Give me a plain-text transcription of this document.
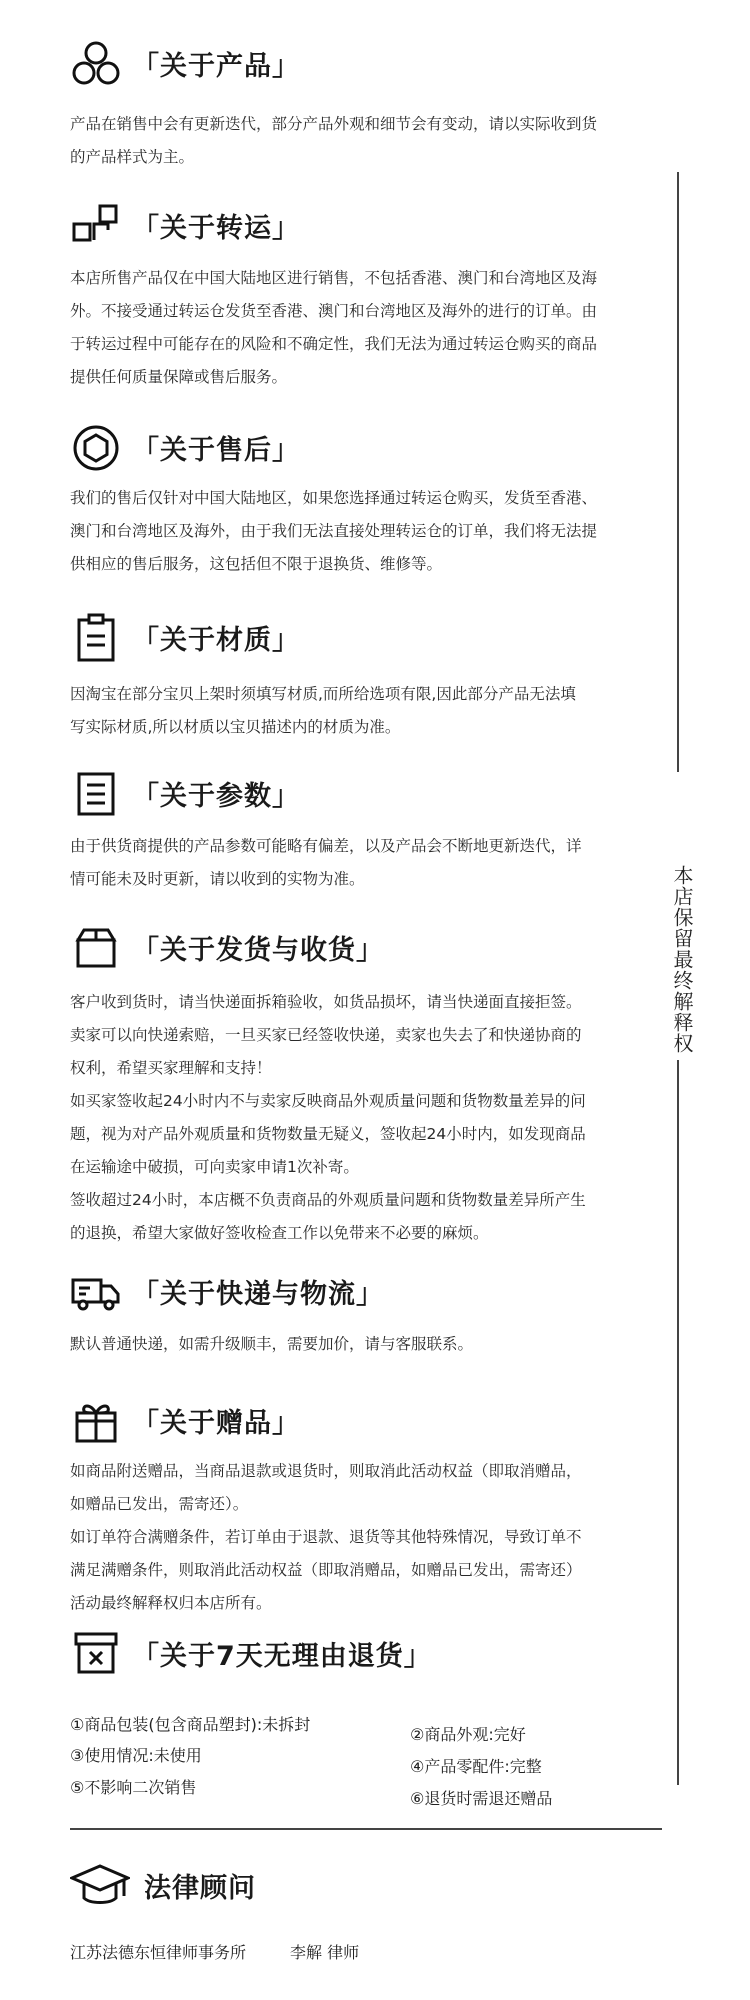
「关于产品」

产品在销售中会有更新迭代，部分产品外观和细节会有变动，请以实际收到货

的产品样式为主。

「关于转运」

本店所售产品仅在中国大陆地区进行销售，不包括香港、澳门和台湾地区及海

外。不接受通过转运仓发货至香港、澳门和台湾地区及海外的进行的订单。由

于转运过程中可能存在的风险和不确定性，我们无法为通过转运仓购买的商品

提供任何质量保障或售后服务。

「关于售后」

我们的售后仅针对中国大陆地区，如果您选择通过转运仓购买，发货至香港、

澳门和台湾地区及海外，由于我们无法直接处理转运仓的订单，我们将无法提

供相应的售后服务，这包括但不限于退换货、维修等。

「关于材质」

因淘宝在部分宝贝上架时须填写材质,而所给选项有限,因此部分产品无法填

写实际材质,所以材质以宝贝描述内的材质为准。

「关于参数」

由于供货商提供的产品参数可能略有偏差，以及产品会不断地更新迭代，详

情可能未及时更新，请以收到的实物为准。

「关于发货与收货」

客户收到货时，请当快递面拆箱验收，如货品损坏，请当快递面直接拒签。

卖家可以向快递索赔，一旦买家已经签收快递，卖家也失去了和快递协商的

权利，希望买家理解和支持！

如买家签收起24小时内不与卖家反映商品外观质量问题和货物数量差异的问

题，视为对产品外观质量和货物数量无疑义，签收起24小时内，如发现商品

在运输途中破损，可向卖家申请1次补寄。

签收超过24小时，本店概不负责商品的外观质量问题和货物数量差异所产生

的退换，希望大家做好签收检查工作以免带来不必要的麻烦。

「关于快递与物流」

默认普通快递，如需升级顺丰，需要加价，请与客服联系。

「关于赠品」

如商品附送赠品，当商品退款或退货时，则取消此活动权益（即取消赠品，

如赠品已发出，需寄还）。

如订单符合满赠条件，若订单由于退款、退货等其他特殊情况，导致订单不

满足满赠条件，则取消此活动权益（即取消赠品，如赠品已发出，需寄还）

活动最终解释权归本店所有。

「关于7天无理由退货」
①商品包装(包含商品塑封):未拆封
②商品外观:完好
③使用情况:未使用
④产品零配件:完整
⑤不影响二次销售
⑥退货时需退还赠品
本店保留最终解释权
法律顾问
江苏法德东恒律师事务所	李解 律师
